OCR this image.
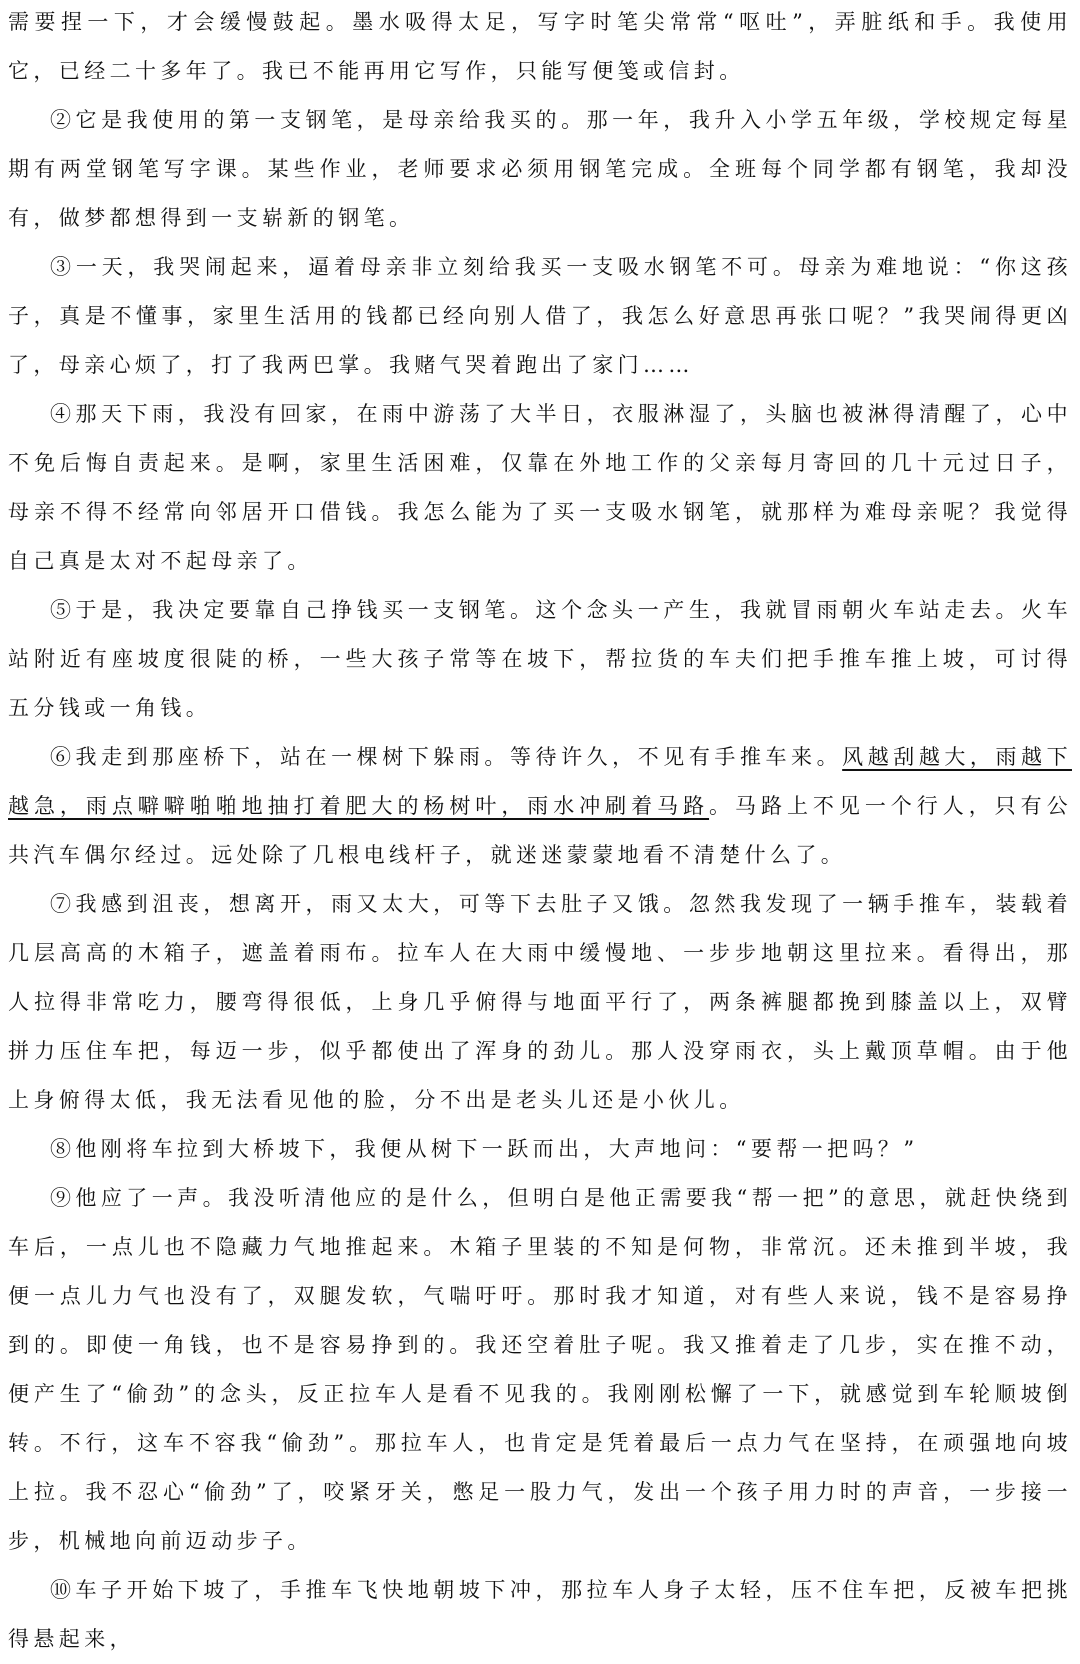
需要捏一下，才会缓慢鼓起。墨水吸得太足，写字时笔尖常常“呕吐”，弄脏纸和手。我使用它，已经二十多年了。我已不能再用它写作，只能写便笺或信封。

②它是我使用的第一支钢笔，是母亲给我买的。那一年，我升入小学五年级，学校规定每星期有两堂钢笔写字课。某些作业，老师要求必须用钢笔完成。全班每个同学都有钢笔，我却没有，做梦都想得到一支崭新的钢笔。

③一天，我哭闹起来，逼着母亲非立刻给我买一支吸水钢笔不可。母亲为难地说：“你这孩子，真是不懂事，家里生活用的钱都已经向别人借了，我怎么好意思再张口呢？”我哭闹得更凶了，母亲心烦了，打了我两巴掌。我赌气哭着跑出了家门……

④那天下雨，我没有回家，在雨中游荡了大半日，衣服淋湿了，头脑也被淋得清醒了，心中不免后悔自责起来。是啊，家里生活困难，仅靠在外地工作的父亲每月寄回的几十元过日子，母亲不得不经常向邻居开口借钱。我怎么能为了买一支吸水钢笔，就那样为难母亲呢？我觉得自己真是太对不起母亲了。

⑤于是，我决定要靠自己挣钱买一支钢笔。这个念头一产生，我就冒雨朝火车站走去。火车站附近有座坡度很陡的桥，一些大孩子常等在坡下，帮拉货的车夫们把手推车推上坡，可讨得五分钱或一角钱。

⑥我走到那座桥下，站在一棵树下躲雨。等待许久，不见有手推车来。风越刮越大，雨越下越急，雨点噼噼啪啪地抽打着肥大的杨树叶，雨水冲刷着马路。马路上不见一个行人，只有公共汽车偶尔经过。远处除了几根电线杆子，就迷迷蒙蒙地看不清楚什么了。

⑦我感到沮丧，想离开，雨又太大，可等下去肚子又饿。忽然我发现了一辆手推车，装载着几层高高的木箱子，遮盖着雨布。拉车人在大雨中缓慢地、一步步地朝这里拉来。看得出，那人拉得非常吃力，腰弯得很低，上身几乎俯得与地面平行了，两条裤腿都挽到膝盖以上，双臂拼力压住车把，每迈一步，似乎都使出了浑身的劲儿。那人没穿雨衣，头上戴顶草帽。由于他上身俯得太低，我无法看见他的脸，分不出是老头儿还是小伙儿。

⑧他刚将车拉到大桥坡下，我便从树下一跃而出，大声地问：“要帮一把吗？”

⑨他应了一声。我没听清他应的是什么，但明白是他正需要我“帮一把”的意思，就赶快绕到车后，一点儿也不隐藏力气地推起来。木箱子里装的不知是何物，非常沉。还未推到半坡，我便一点儿力气也没有了，双腿发软，气喘吁吁。那时我才知道，对有些人来说，钱不是容易挣到的。即使一角钱，也不是容易挣到的。我还空着肚子呢。我又推着走了几步，实在推不动，便产生了“偷劲”的念头，反正拉车人是看不见我的。我刚刚松懈了一下，就感觉到车轮顺坡倒转。不行，这车不容我“偷劲”。那拉车人，也肯定是凭着最后一点力气在坚持，在顽强地向坡上拉。我不忍心“偷劲”了，咬紧牙关，憋足一股力气，发出一个孩子用力时的声音，一步接一步，机械地向前迈动步子。

⑩车子开始下坡了，手推车飞快地朝坡下冲，那拉车人身子太轻，压不住车把，反被车把挑得悬起来，
